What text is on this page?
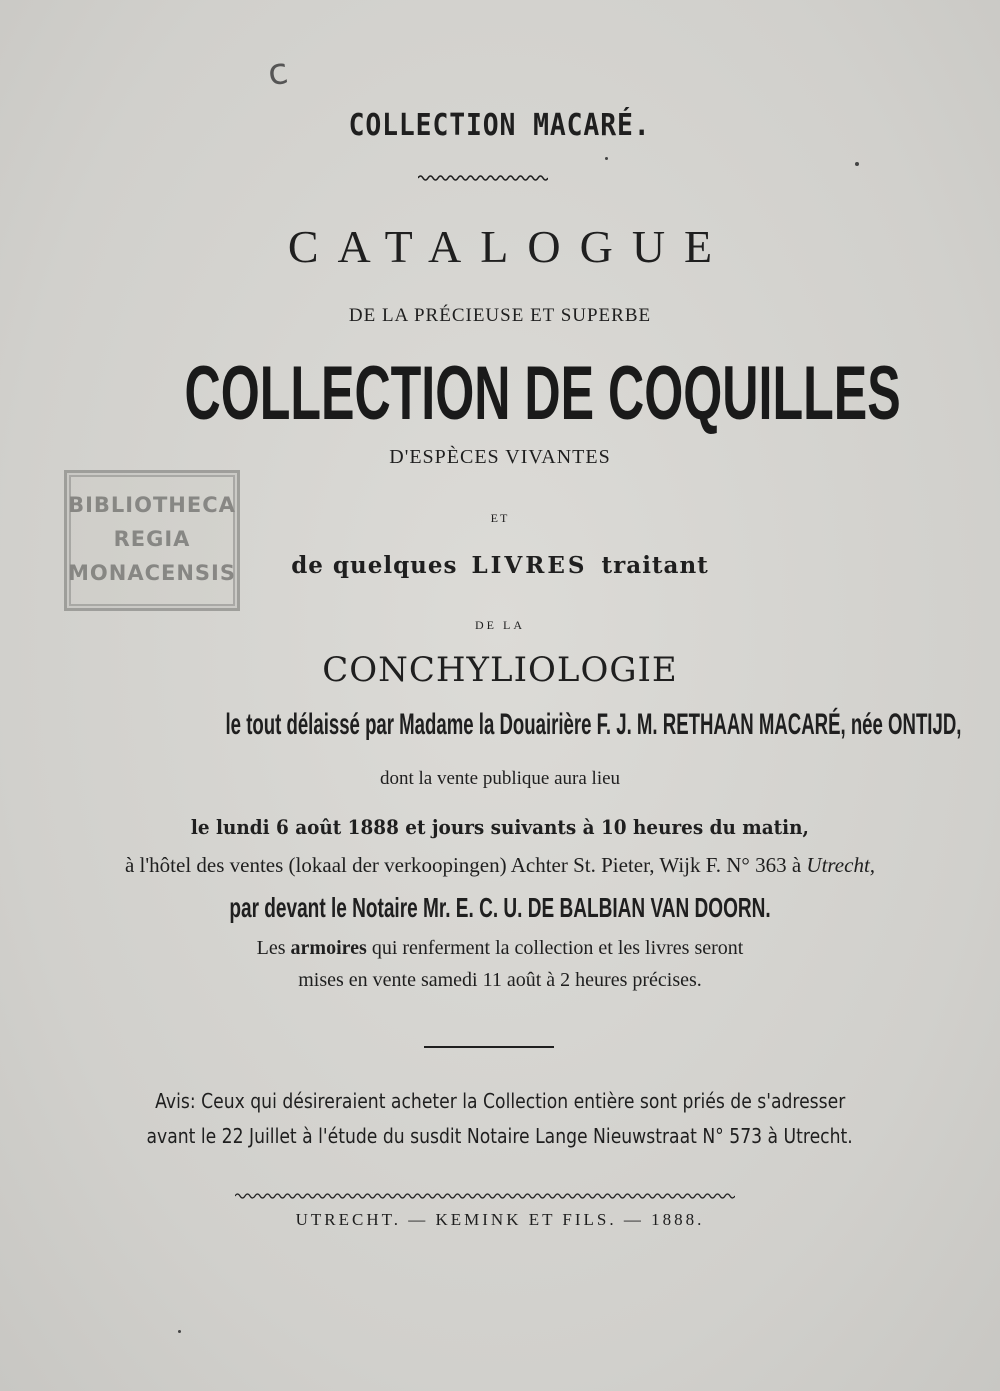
c
COLLECTION MACARÉ.
CATALOGUE
DE LA PRÉCIEUSE ET SUPERBE
COLLECTION DE COQUILLES
D'ESPÈCES VIVANTES
ET
de quelques LIVRES traitant
DE LA
CONCHYLIOLOGIE
le tout délaissé par Madame la Douairière F. J. M. RETHAAN MACARÉ, née ONTIJD,
dont la vente publique aura lieu
le lundi 6 août 1888 et jours suivants à 10 heures du matin,
à l'hôtel des ventes (lokaal der verkoopingen) Achter St. Pieter, Wijk F. N° 363 à Utrecht,
par devant le Notaire Mr. E. C. U. DE BALBIAN VAN DOORN.
Les armoires qui renferment la collection et les livres seront
mises en vente samedi 11 août à 2 heures précises.
Avis: Ceux qui désireraient acheter la Collection entière sont priés de s'adresser
avant le 22 Juillet à l'étude du susdit Notaire Lange Nieuwstraat N° 573 à Utrecht.
UTRECHT. — KEMINK ET FILS. — 1888.
BIBLIOTHECA
REGIA
MONACENSIS
